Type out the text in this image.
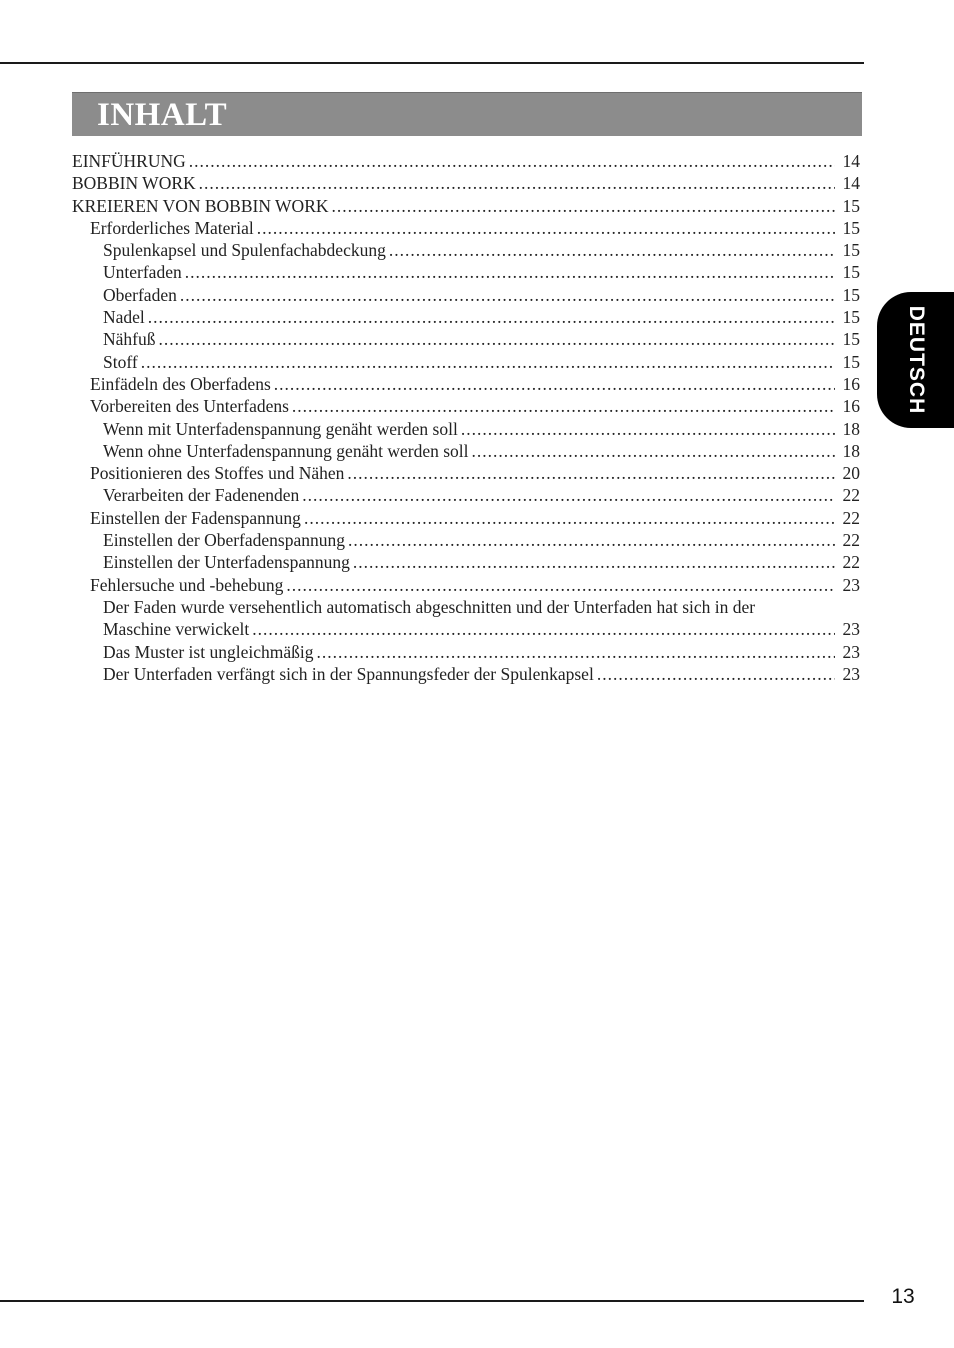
INHALT
EINFÜHRUNG .....	14
BOBBIN WORK .....	14
KREIEREN VON BOBBIN WORK .....	15
Erforderliches Material .....	15
Spulenkapsel und Spulenfachabdeckung .....	15
Unterfaden .....	15
Oberfaden .....	15
Nadel .....	15
Nähfuß .....	15
Stoff .....	15
Einfädeln des Oberfadens .....	16
Vorbereiten des Unterfadens .....	16
Wenn mit Unterfadenspannung genäht werden soll .....	18
Wenn ohne Unterfadenspannung genäht werden soll .....	18
Positionieren des Stoffes und Nähen .....	20
Verarbeiten der Fadenenden .....	22
Einstellen der Fadenspannung .....	22
Einstellen der Oberfadenspannung .....	22
Einstellen der Unterfadenspannung .....	22
Fehlersuche und -behebung .....	23
Der Faden wurde versehentlich automatisch abgeschnitten und der Unterfaden hat sich in der
Maschine verwickelt .....	23
Das Muster ist ungleichmäßig .....	23
Der Unterfaden verfängt sich in der Spannungsfeder der Spulenkapsel .....	23
DEUTSCH
13
